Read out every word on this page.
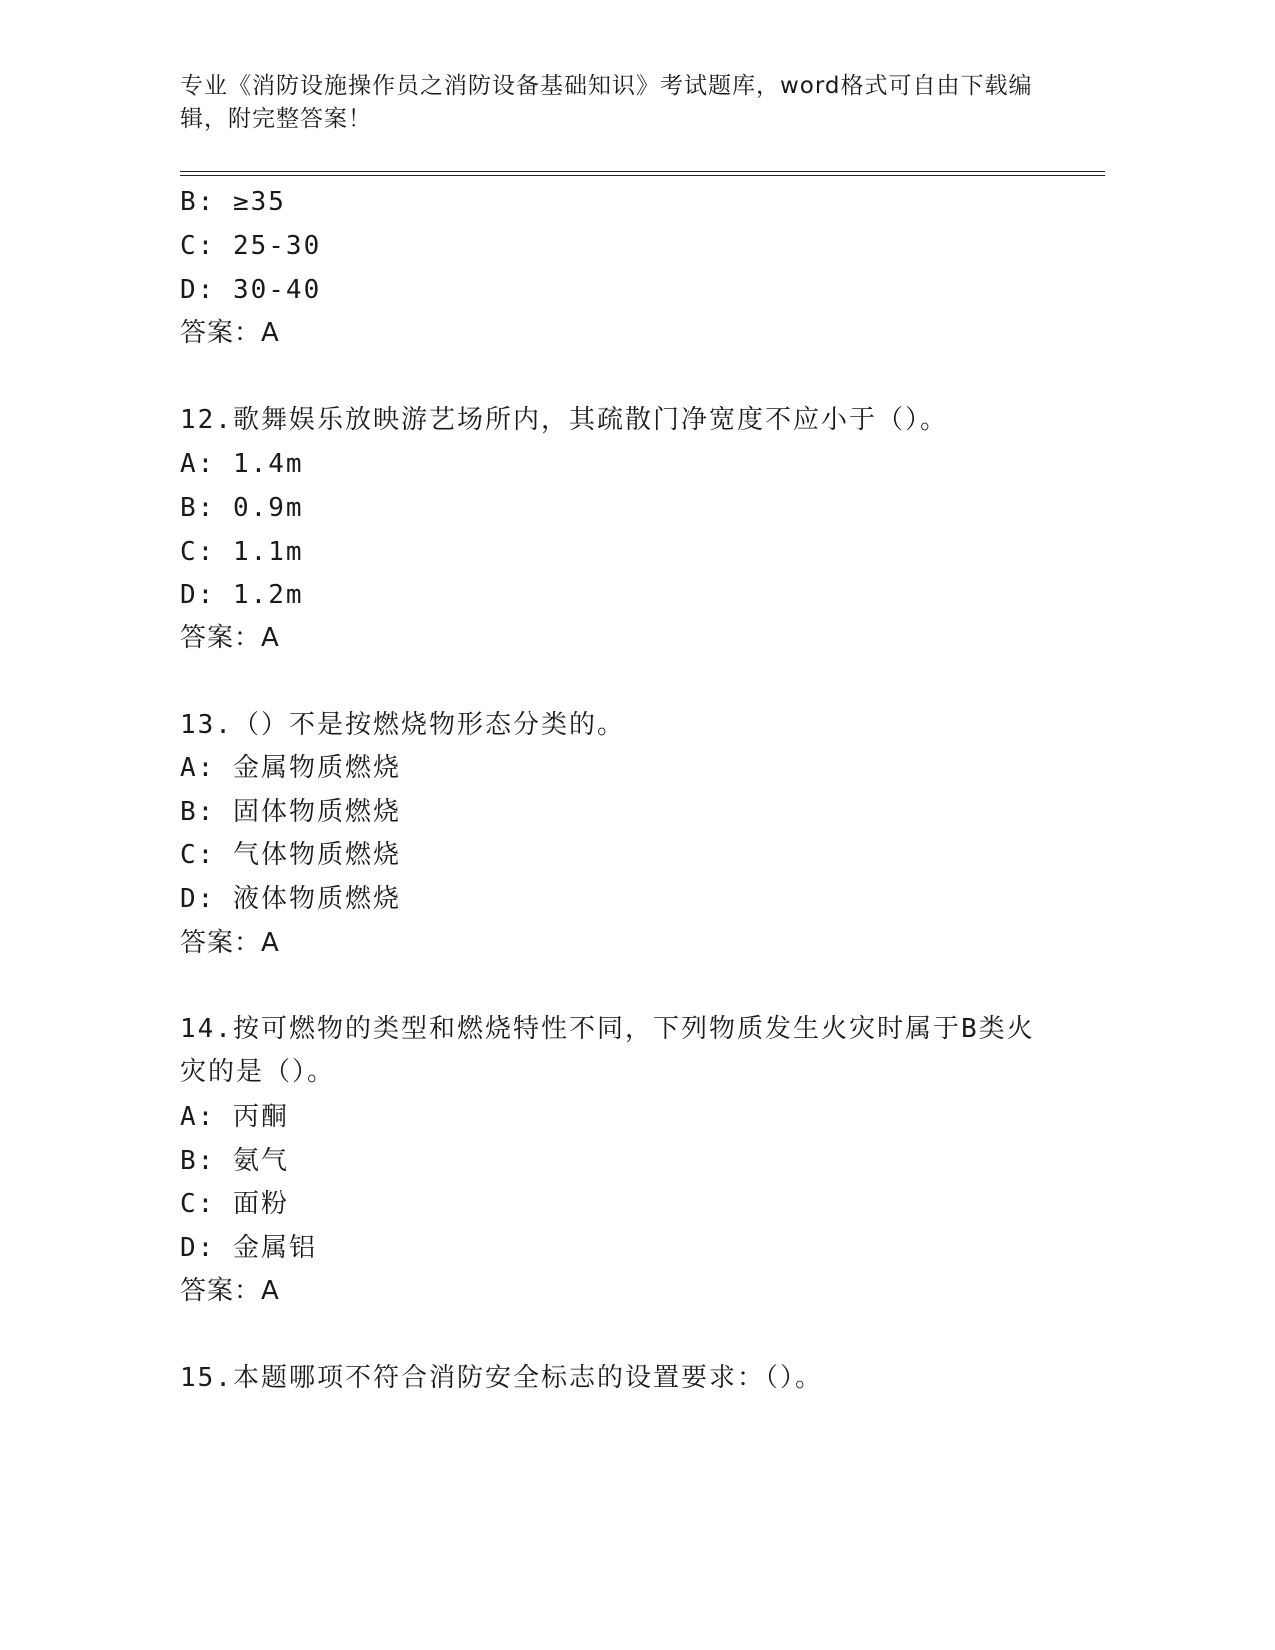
专业《消防设施操作员之消防设备基础知识》考试题库，word格式可自由下载编辑，附完整答案！
B: ≥35
C: 25-30
D: 30-40
答案：A
12.歌舞娱乐放映游艺场所内，其疏散门净宽度不应小于（）。
A: 1.4m
B: 0.9m
C: 1.1m
D: 1.2m
答案：A
13.（）不是按燃烧物形态分类的。
A: 金属物质燃烧
B: 固体物质燃烧
C: 气体物质燃烧
D: 液体物质燃烧
答案：A
14.按可燃物的类型和燃烧特性不同，下列物质发生火灾时属于B类火灾的是（）。
A: 丙酮
B: 氨气
C: 面粉
D: 金属铝
答案：A
15.本题哪项不符合消防安全标志的设置要求：（）。
